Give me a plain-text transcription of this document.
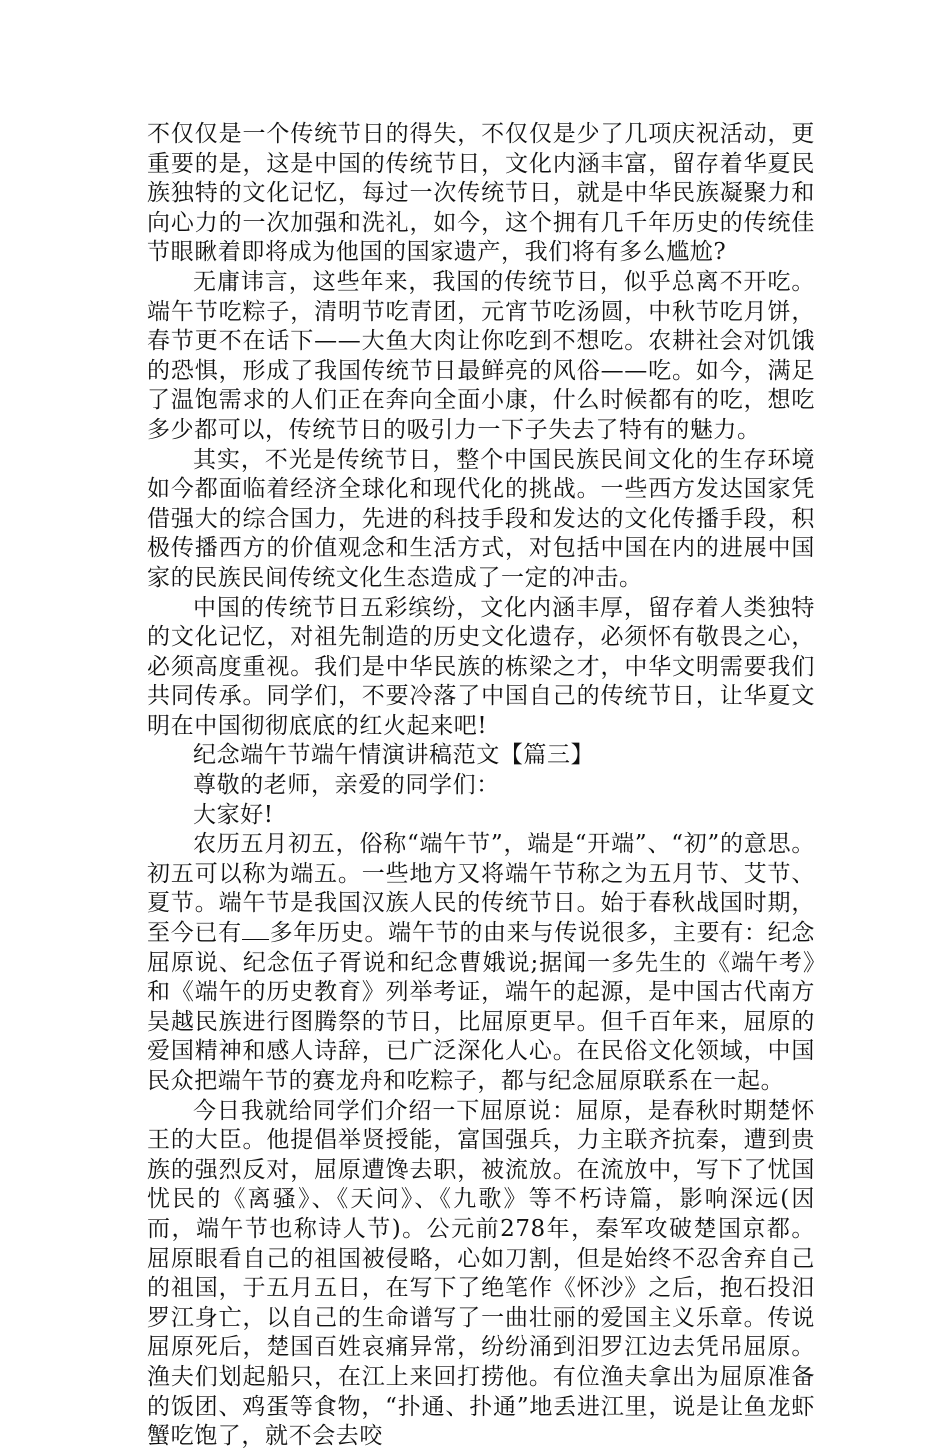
不仅仅是一个传统节日的得失，不仅仅是少了几项庆祝活动，更重要的是，这是中国的传统节日，文化内涵丰富，留存着华夏民族独特的文化记忆，每过一次传统节日，就是中华民族凝聚力和向心力的一次加强和洗礼，如今，这个拥有几千年历史的传统佳节眼瞅着即将成为他国的国家遗产，我们将有多么尴尬?

无庸讳言，这些年来，我国的传统节日，似乎总离不开吃。端午节吃粽子，清明节吃青团，元宵节吃汤圆，中秋节吃月饼，春节更不在话下——大鱼大肉让你吃到不想吃。农耕社会对饥饿的恐惧，形成了我国传统节日最鲜亮的风俗——吃。如今，满足了温饱需求的人们正在奔向全面小康，什么时候都有的吃，想吃多少都可以，传统节日的吸引力一下子失去了特有的魅力。

其实，不光是传统节日，整个中国民族民间文化的生存环境如今都面临着经济全球化和现代化的挑战。一些西方发达国家凭借强大的综合国力，先进的科技手段和发达的文化传播手段，积极传播西方的价值观念和生活方式，对包括中国在内的进展中国家的民族民间传统文化生态造成了一定的冲击。

中国的传统节日五彩缤纷，文化内涵丰厚，留存着人类独特的文化记忆，对祖先制造的历史文化遗存，必须怀有敬畏之心，必须高度重视。我们是中华民族的栋梁之才，中华文明需要我们共同传承。同学们，不要冷落了中国自己的传统节日，让华夏文明在中国彻彻底底的红火起来吧!

纪念端午节端午情演讲稿范文【篇三】

尊敬的老师，亲爱的同学们：

大家好!

农历五月初五，俗称“端午节”，端是“开端”、“初”的意思。初五可以称为端五。一些地方又将端午节称之为五月节、艾节、夏节。端午节是我国汉族人民的传统节日。始于春秋战国时期，至今已有 多年历史。端午节的由来与传说很多，主要有：纪念屈原说、纪念伍子胥说和纪念曹娥说;据闻一多先生的《端午考》和《端午的历史教育》列举考证，端午的起源，是中国古代南方吴越民族进行图腾祭的节日，比屈原更早。但千百年来，屈原的爱国精神和感人诗辞，已广泛深化人心。在民俗文化领域，中国民众把端午节的赛龙舟和吃粽子，都与纪念屈原联系在一起。

今日我就给同学们介绍一下屈原说：屈原，是春秋时期楚怀王的大臣。他提倡举贤授能，富国强兵，力主联齐抗秦，遭到贵族的强烈反对，屈原遭馋去职，被流放。在流放中，写下了忧国忧民的《离骚》、《天问》、《九歌》等不朽诗篇，影响深远(因而，端午节也称诗人节)。公元前278年，秦军攻破楚国京都。屈原眼看自己的祖国被侵略，心如刀割，但是始终不忍舍弃自己的祖国，于五月五日，在写下了绝笔作《怀沙》之后，抱石投汨罗江身亡，以自己的生命谱写了一曲壮丽的爱国主义乐章。传说屈原死后，楚国百姓哀痛异常，纷纷涌到汨罗江边去凭吊屈原。渔夫们划起船只，在江上来回打捞他。有位渔夫拿出为屈原准备的饭团、鸡蛋等食物，“扑通、扑通”地丢进江里，说是让鱼龙虾蟹吃饱了，就不会去咬
